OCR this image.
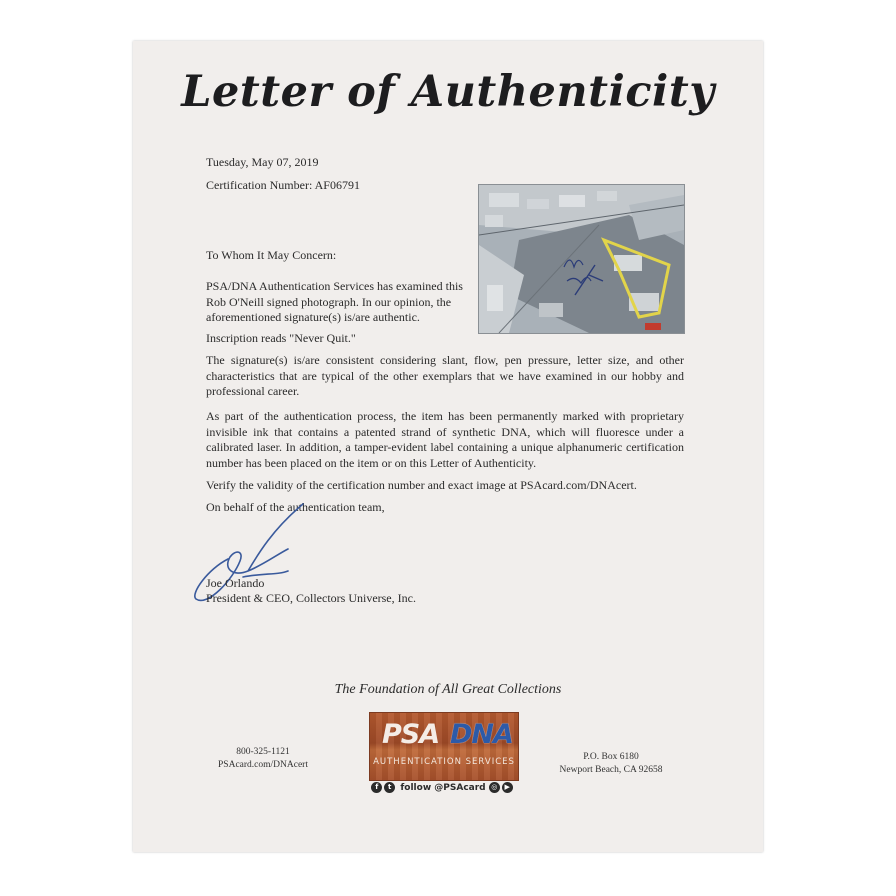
Letter of Authenticity
Tuesday, May 07, 2019
Certification Number: AF06791
To Whom It May Concern:
PSA/DNA Authentication Services has examined this Rob O'Neill signed photograph. In our opinion, the aforementioned signature(s) is/are authentic.
Inscription reads "Never Quit."
The signature(s) is/are consistent considering slant, flow, pen pressure, letter size, and other characteristics that are typical of the other exemplars that we have examined in our hobby and professional career.
As part of the authentication process, the item has been permanently marked with proprietary invisible ink that contains a patented strand of synthetic DNA, which will fluoresce under a calibrated laser. In addition, a tamper-evident label containing a unique alphanumeric certification number has been placed on the item or on this Letter of Authenticity.
Verify the validity of the certification number and exact image at PSAcard.com/DNAcert.
On behalf of the authentication team,
Joe Orlando
President & CEO, Collectors Universe, Inc.
The Foundation of All Great Collections
800-325-1121
PSAcard.com/DNAcert
PSA DNA
AUTHENTICATION SERVICES
f t follow @PSAcard ◎ ▶
P.O. Box 6180
Newport Beach, CA 92658
